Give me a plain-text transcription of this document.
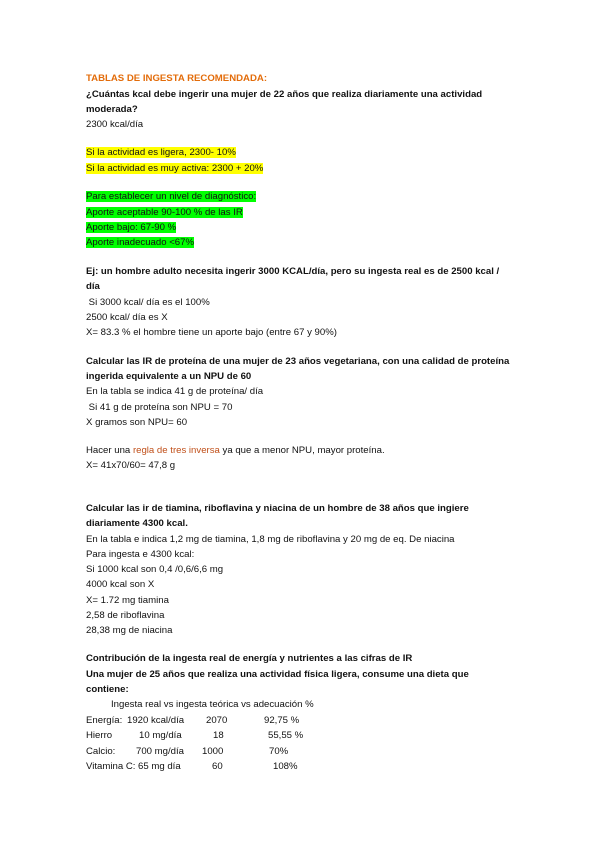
TABLAS DE INGESTA RECOMENDADA:
¿Cuántas kcal debe ingerir una mujer de 22 años que realiza diariamente una actividad
moderada?
2300 kcal/día
Si la actividad es ligera, 2300- 10%
Si la actividad es muy activa: 2300 + 20%
Para establecer un nivel de diagnóstico:
Aporte aceptable 90-100 % de las IR
Aporte bajo: 67-90 %
Aporte inadecuado <67%
Ej: un hombre adulto necesita ingerir 3000 KCAL/día, pero su ingesta real es de 2500 kcal /
día
Si 3000 kcal/ día es el 100%
2500 kcal/ día es X
X= 83.3 % el hombre tiene un aporte bajo (entre 67 y 90%)
Calcular las IR de proteína de una mujer de 23 años vegetariana, con una calidad de proteína
ingerida equivalente a un NPU de 60
En la tabla se indica 41 g de proteína/ día
Si 41 g de proteína son NPU = 70
X gramos son NPU= 60
Hacer una regla de tres inversa ya que a menor NPU, mayor proteína.
X= 41x70/60= 47,8 g
Calcular las ir de tiamina, riboflavina y niacina de un hombre de 38 años que ingiere
diariamente 4300 kcal.
En la tabla e indica 1,2 mg de tiamina, 1,8 mg de riboflavina y 20 mg de eq. De niacina
Para ingesta e 4300 kcal:
Si 1000 kcal son 0,4 /0,6/6,6 mg
4000 kcal son X
X= 1.72 mg tiamina
2,58 de riboflavina
28,38 mg de niacina
Contribución de la ingesta real de energía y nutrientes a las cifras de IR
Una mujer de 25 años que realiza una actividad física ligera, consume una dieta que
contiene:
Ingesta real vs ingesta teórica vs adecuación %
Energía: 1920 kcal/día 2070	92,75 %
Hierro	10 mg/día	18	55,55 %
Calcio: 700 mg/día 1000	70%
Vitamina C: 65 mg día	60	108%
